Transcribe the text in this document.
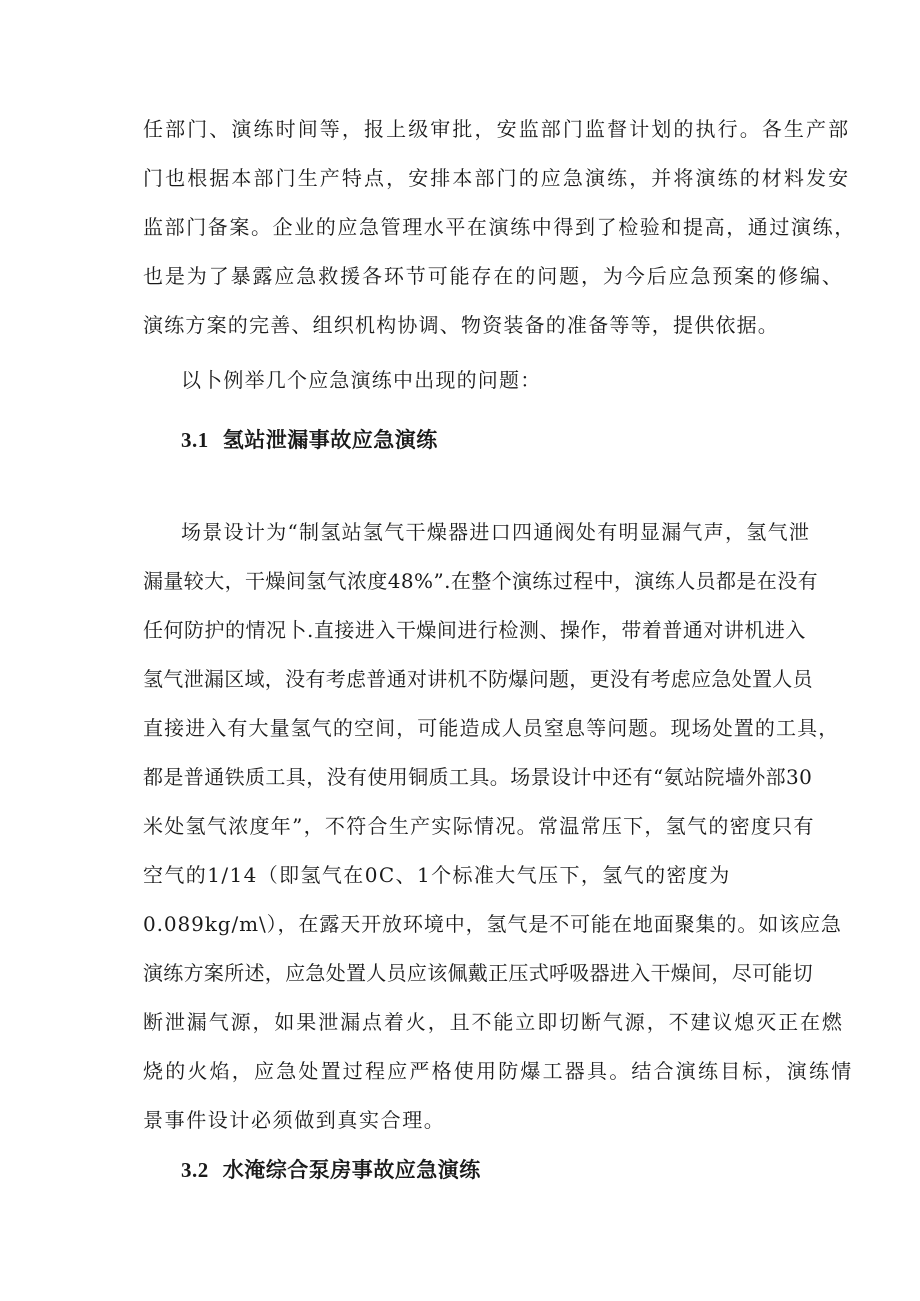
任部门、演练时间等，报上级审批，安监部门监督计划的执行。各生产部

门也根据本部门生产特点，安排本部门的应急演练，并将演练的材料发安

监部门备案。企业的应急管理水平在演练中得到了检验和提高，通过演练，

也是为了暴露应急救援各环节可能存在的问题，为今后应急预案的修编、

演练方案的完善、组织机构协调、物资装备的准备等等，提供依据。

以卜例举几个应急演练中出现的问题：

3.1 氢站泄漏事故应急演练

场景设计为“制氢站氢气干燥器进口四通阀处有明显漏气声，氢气泄

漏量较大，干燥间氢气浓度48%”.在整个演练过程中，演练人员都是在没有

任何防护的情况卜.直接进入干燥间进行检测、操作，带着普通对讲机进入

氢气泄漏区域，没有考虑普通对讲机不防爆问题，更没有考虑应急处置人员

直接进入有大量氢气的空间，可能造成人员窒息等问题。现场处置的工具，

都是普通铁质工具，没有使用铜质工具。场景设计中还有“氨站院墙外部30

米处氢气浓度年”，不符合生产实际情况。常温常压下，氢气的密度只有

空气的1/14（即氢气在0C、1个标准大气压下，氢气的密度为

0.089kg∕m\），在露天开放环境中，氢气是不可能在地面聚集的。如该应急

演练方案所述，应急处置人员应该佩戴正压式呼吸器进入干燥间，尽可能切

断泄漏气源，如果泄漏点着火，且不能立即切断气源，不建议熄灭正在燃

烧的火焰，应急处置过程应严格使用防爆工器具。结合演练目标，演练情

景事件设计必须做到真实合理。

3.2 水淹综合泵房事故应急演练
